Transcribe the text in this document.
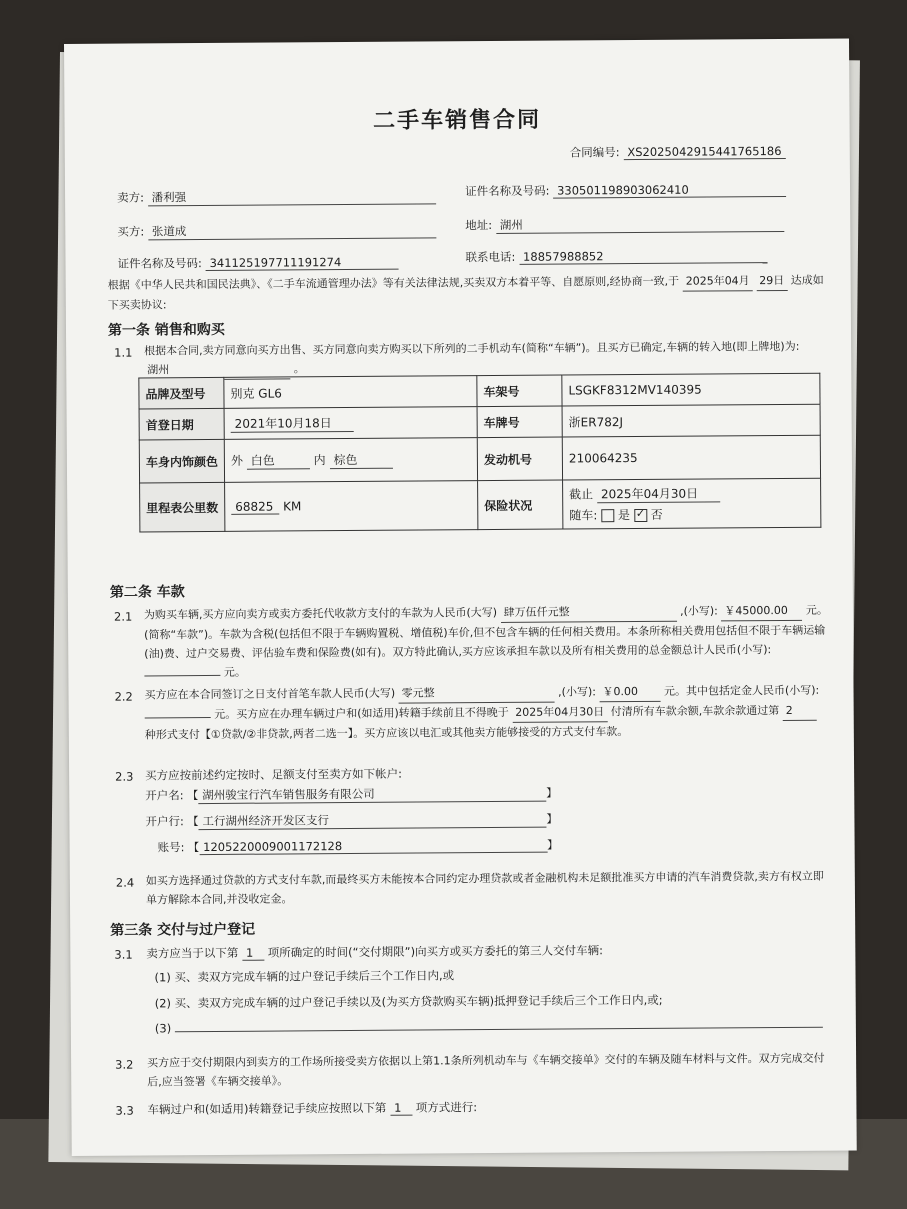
二手车销售合同
合同编号: XS2025042915441765186
卖方: 潘利强	证件名称及号码: 330501198903062410
买方: 张道成	地址: 湖州
证件名称及号码: 341125197711191274	联系电话: 18857988852
根据《中华人民共和国民法典》、《二手车流通管理办法》等有关法律法规,买卖双方本着平等、自愿原则,经协商一致,于 2025年04月 29日 达成如下买卖协议:
第一条 销售和购买
1.1 根据本合同,卖方同意向买方出售、买方同意向卖方购买以下所列的二手机动车(简称“车辆”)。且买方已确定,车辆的转入地(即上牌地)为: 湖州	。
品牌及型号	别克 GL6	车架号	LSGKF8312MV140395
首登日期	2021年10月18日	车牌号	浙ER782J
车身内饰颜色	外 白色 内 棕色	发动机号	210064235
里程表公里数	68825 KM	保险状况	截止 2025年04月30日
随车: 是 ✓ 否
第二条 车款
2.1 为购买车辆,买方应向卖方或卖方委托代收款方支付的车款为人民币(大写) 肆万伍仟元整	,(小写): ￥45000.00 元。(简称“车款”)。车款为含税(包括但不限于车辆购置税、增值税)车价,但不包含车辆的任何相关费用。本条所称相关费用包括但不限于车辆运输(油)费、过户交易费、评估验车费和保险费(如有)。双方特此确认,买方应该承担车款以及所有相关费用的总金额总计人民币(小写):  元。
2.2 买方应在本合同签订之日支付首笔车款人民币(大写) 零元整	,(小写): ￥0.00 元。其中包括定金人民币(小写):  元。买方应在办理车辆过户和(如适用)转籍手续前且不得晚于 2025年04月30日 付清所有车款余额,车款余款通过第 2 种形式支付【①贷款/②非贷款,两者二选一】。买方应该以电汇或其他卖方能够接受的方式支付车款。
2.3 买方应按前述约定按时、足额支付至卖方如下帐户:
开户名: 【 湖州骏宝行汽车销售服务有限公司	】
开户行: 【 工行湖州经济开发区支行	】
账号: 【 1205220009001172128	】
2.4 如买方选择通过贷款的方式支付车款,而最终买方未能按本合同约定办理贷款或者金融机构未足额批准买方申请的汽车消费贷款,卖方有权立即单方解除本合同,并没收定金。
第三条 交付与过户登记
3.1 卖方应当于以下第 1 项所确定的时间(“交付期限”)向买方或买方委托的第三人交付车辆:
(1) 买、卖双方完成车辆的过户登记手续后三个工作日内,或
(2) 买、卖双方完成车辆的过户登记手续以及(为买方贷款购买车辆)抵押登记手续后三个工作日内,或;
(3)
3.2 买方应于交付期限内到卖方的工作场所接受卖方依据以上第1.1条所列机动车与《车辆交接单》交付的车辆及随车材料与文件。双方完成交付后,应当签署《车辆交接单》。
3.3 车辆过户和(如适用)转籍登记手续应按照以下第 1 项方式进行:
